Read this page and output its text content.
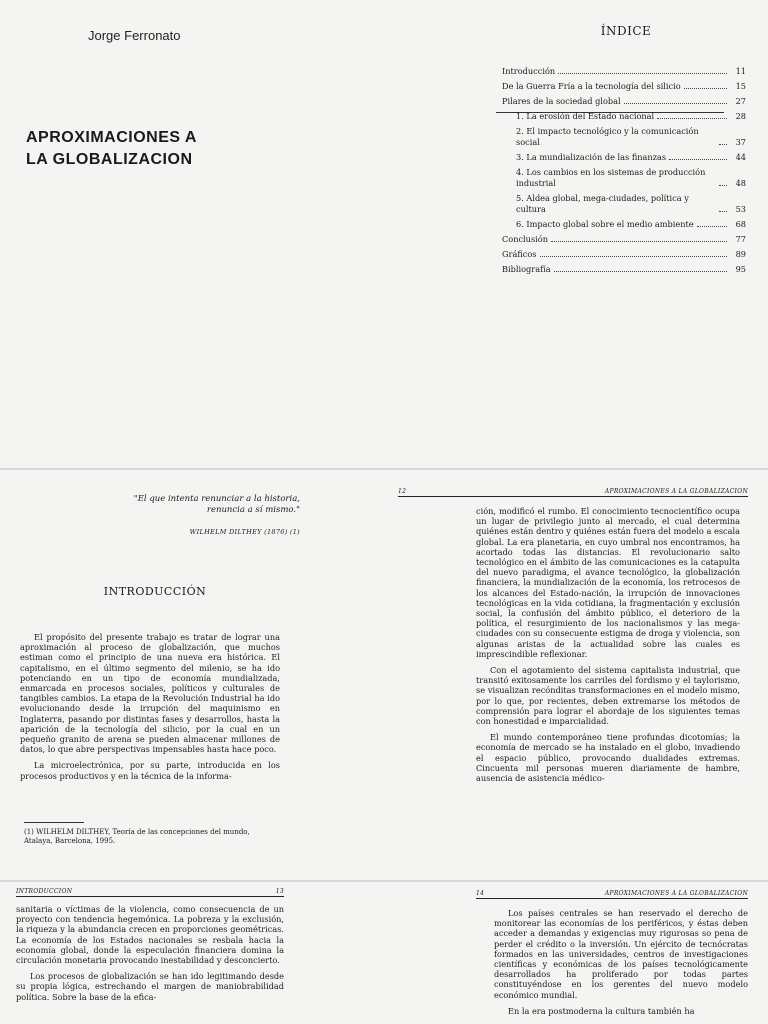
Jorge Ferronato
APROXIMACIONES A
LA GLOBALIZACION
ÍNDICE
Introducción	11
De la Guerra Fría a la tecnología del silicio	15
Pilares de la sociedad global	27
1. La erosión del Estado nacional	28
2. El impacto tecnológico y la comunicación social	37
3. La mundialización de las finanzas	44
4. Los cambios en los sistemas de producción industrial	48
5. Aldea global, mega-ciudades, política y cultura	53
6. Impacto global sobre el medio ambiente	68
Conclusión	77
Gráficos	89
Bibliografía	95
"El que intenta renunciar a la historia, renuncia a sí mismo."
WILHELM DILTHEY (1876) (1)
INTRODUCCIÓN

El propósito del presente trabajo es tratar de lograr una aproximación al proceso de globalización, que muchos estiman como el principio de una nueva era histórica. El capitalismo, en el último segmento del milenio, se ha ido potenciando en un tipo de economía mundializada, enmarcada en procesos sociales, políticos y culturales de tangibles cambios. La etapa de la Revolución Industrial ha ido evolucionando desde la irrupción del maquinismo en Inglaterra, pasando por distintas fases y desarrollos, hasta la aparición de la tecnología del silicio, por la cual en un pequeño granito de arena se pueden almacenar millones de datos, lo que abre perspectivas impensables hasta hace poco.

La microelectrónica, por su parte, introducida en los procesos productivos y en la técnica de la informa-

(1) WILHELM DILTHEY, Teoría de las concepciones del mundo, Atalaya, Barcelona, 1995.
12	APROXIMACIONES A LA GLOBALIZACION

ción, modificó el rumbo. El conocimiento tecnocientífico ocupa un lugar de privilegio junto al mercado, el cual determina quiénes están dentro y quiénes están fuera del modelo a escala global. La era planetaria, en cuyo umbral nos encontramos, ha acortado todas las distancias. El revolucionario salto tecnológico en el ámbito de las comunicaciones es la catapulta del nuevo paradigma, el avance tecnológico, la globalización financiera, la mundialización de la economía, los retrocesos de los alcances del Estado-nación, la irrupción de innovaciones tecnológicas en la vida cotidiana, la fragmentación y exclusión social, la confusión del ámbito público, el deterioro de la política, el resurgimiento de los nacionalismos y las mega-ciudades con su consecuente estigma de droga y violencia, son algunas aristas de la actualidad sobre las cuales es imprescindible reflexionar.

Con el agotamiento del sistema capitalista industrial, que transitó exitosamente los carriles del fordismo y el taylorismo, se visualizan recónditas transformaciones en el modelo mismo, por lo que, por recientes, deben extremarse los métodos de comprensión para lograr el abordaje de los siguientes temas con honestidad e imparcialidad.

El mundo contemporáneo tiene profundas dicotomías; la economía de mercado se ha instalado en el globo, invadiendo el espacio público, provocando dualidades extremas. Cincuenta mil personas mueren diariamente de hambre, ausencia de asistencia médico-

INTRODUCCION	13

sanitaria o víctimas de la violencia, como consecuencia de un proyecto con tendencia hegemónica. La pobreza y la exclusión, la riqueza y la abundancia crecen en proporciones geométricas. La economía de los Estados nacionales se resbala hacia la economía global, donde la especulación financiera domina la circulación monetaria provocando inestabilidad y desconcierto.

Los procesos de globalización se han ido legitimando desde su propia lógica, estrechando el margen de maniobrabilidad política. Sobre la base de la efica-

14	APROXIMACIONES A LA GLOBALIZACION

Los países centrales se han reservado el derecho de monitorear las economías de los periféricos, y éstas deben acceder a demandas y exigencias muy rigurosas so pena de perder el crédito o la inversión. Un ejército de tecnócratas formados en las universidades, centros de investigaciones científicas y económicas de los países tecnológicamente desarrollados ha proliferado por todas partes constituyéndose en los gerentes del nuevo modelo económico mundial.

En la era postmoderna la cultura también ha
